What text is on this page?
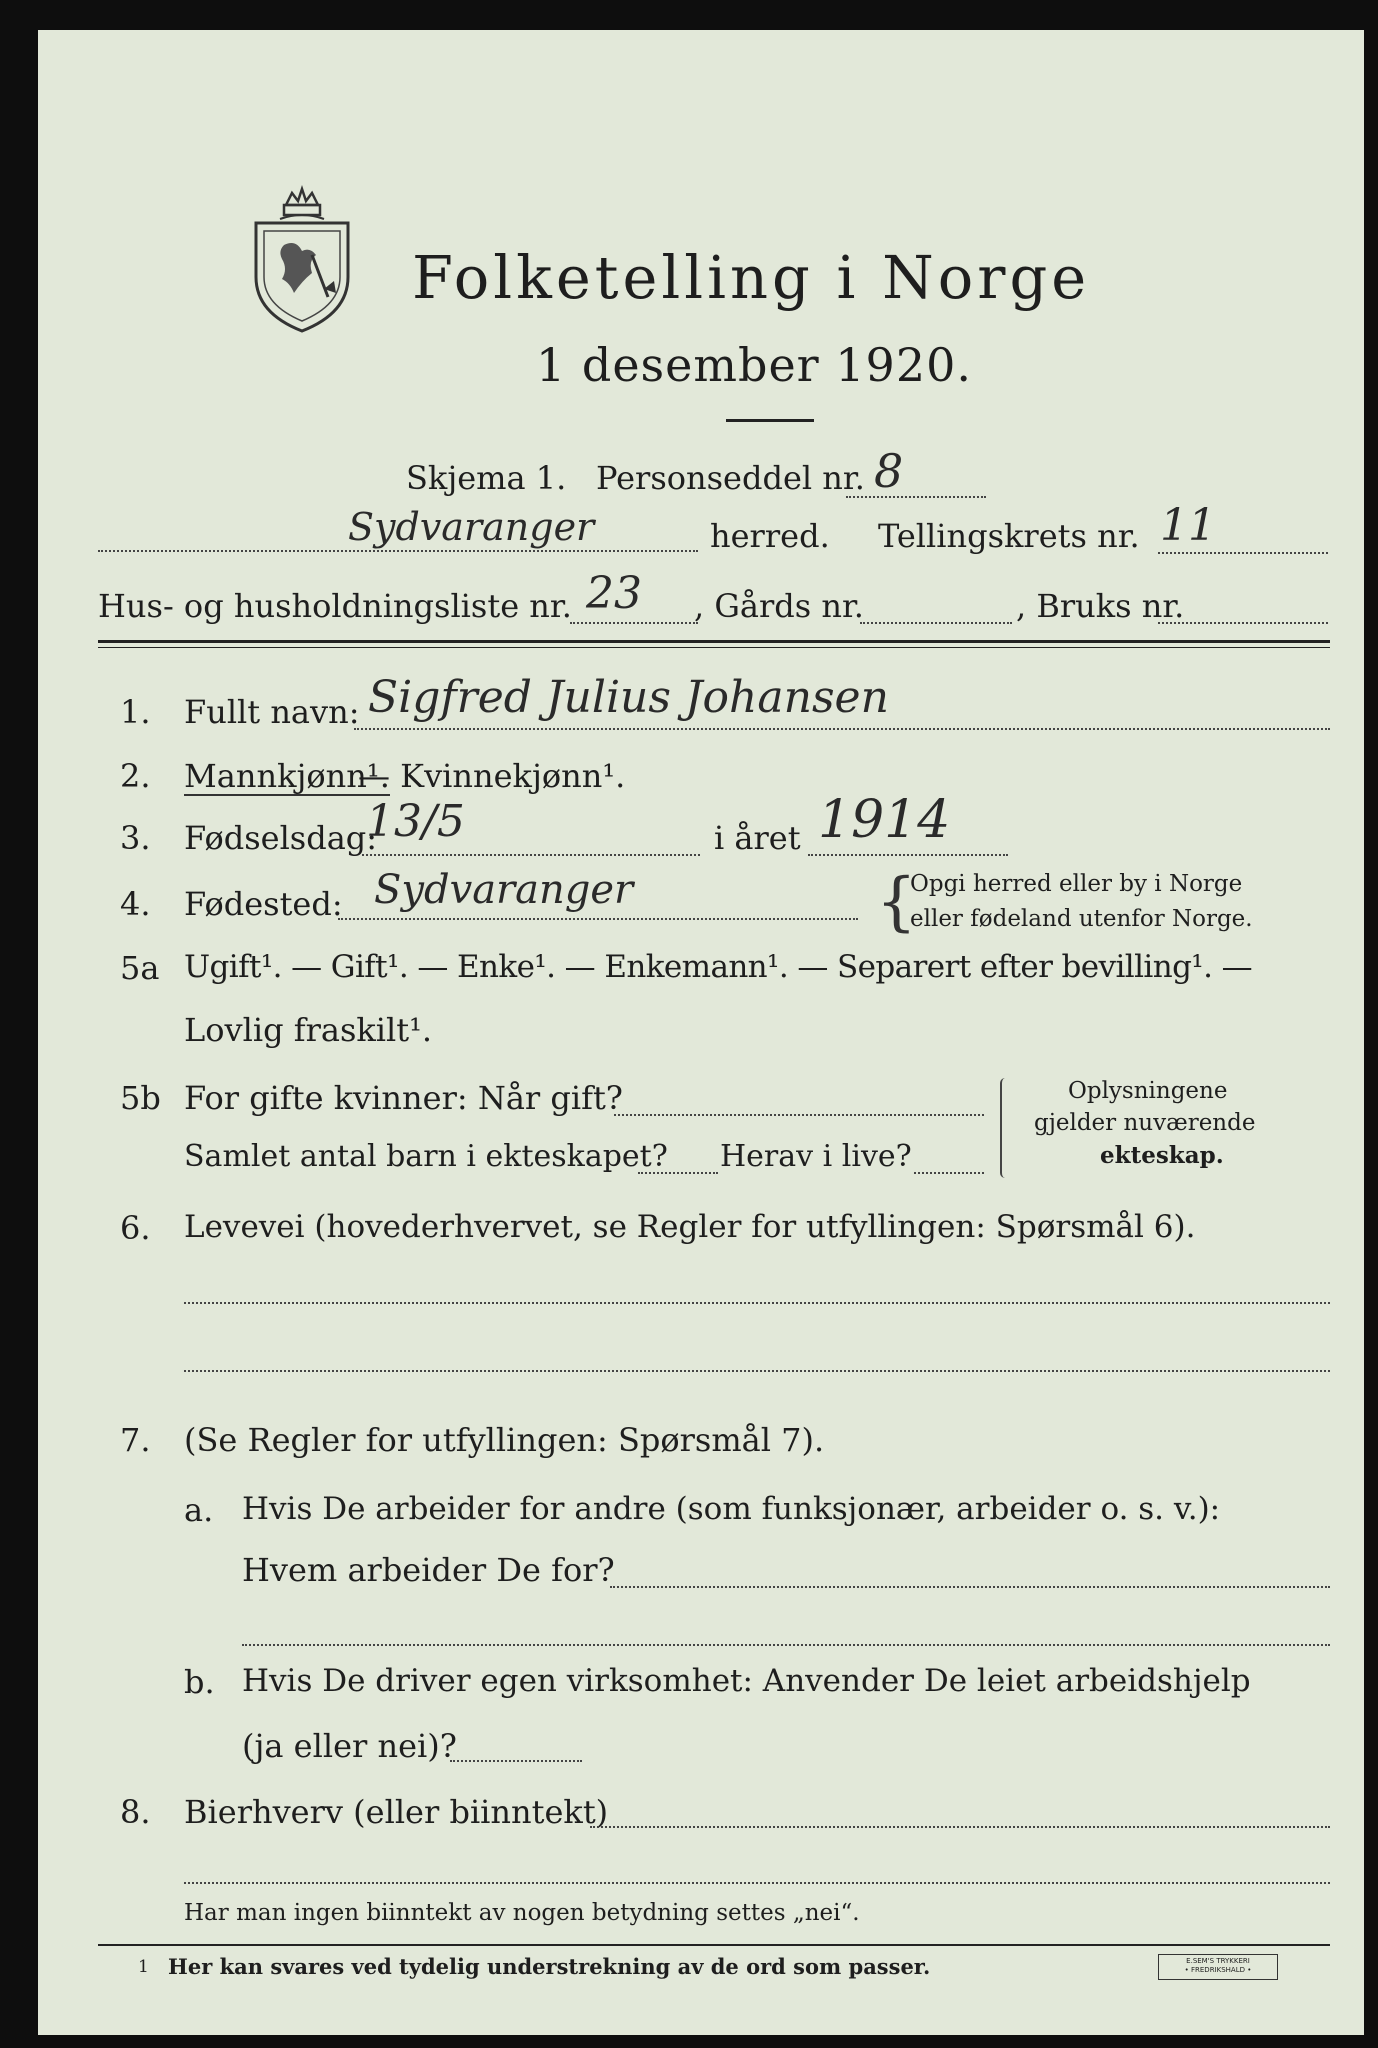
Folketelling i Norge
1 desember 1920.
Skjema 1. Personseddel nr. 8
Sydvaranger	herred. Tellingskrets nr. 11
Hus- og husholdningsliste nr. 23 , Gårds nr.	, Bruks nr.
1. Fullt navn: Sigfred Julius Johansen
2. Mannkjønn¹.
— Kvinnekjønn¹.
3. Fødselsdag:
13/5	i året 1914
4. Fødested: Sydvaranger	{
Opgi herred eller by i Norge
eller fødeland utenfor Norge.
5a Ugift¹. — Gift¹. — Enke¹. — Enkemann¹. — Separert efter bevilling¹. —
Lovlig fraskilt¹.
5b For gifte kvinner: Når gift?
Samlet antal barn i ekteskapet? Herav i live?
Oplysningene
gjelder nuværende
ekteskap.
6. Levevei (hovederhvervet, se Regler for utfyllingen: Spørsmål 6).
7. (Se Regler for utfyllingen: Spørsmål 7).
a. Hvis De arbeider for andre (som funksjonær, arbeider o. s. v.):
Hvem arbeider De for?
b. Hvis De driver egen virksomhet: Anvender De leiet arbeidshjelp
(ja eller nei)?
8. Bierhverv (eller biinntekt)
Har man ingen biinntekt av nogen betydning settes „nei“.
1 Her kan svares ved tydelig understrekning av de ord som passer.	E.SEM'S TRYKKERI
• FREDRIKSHALD •
